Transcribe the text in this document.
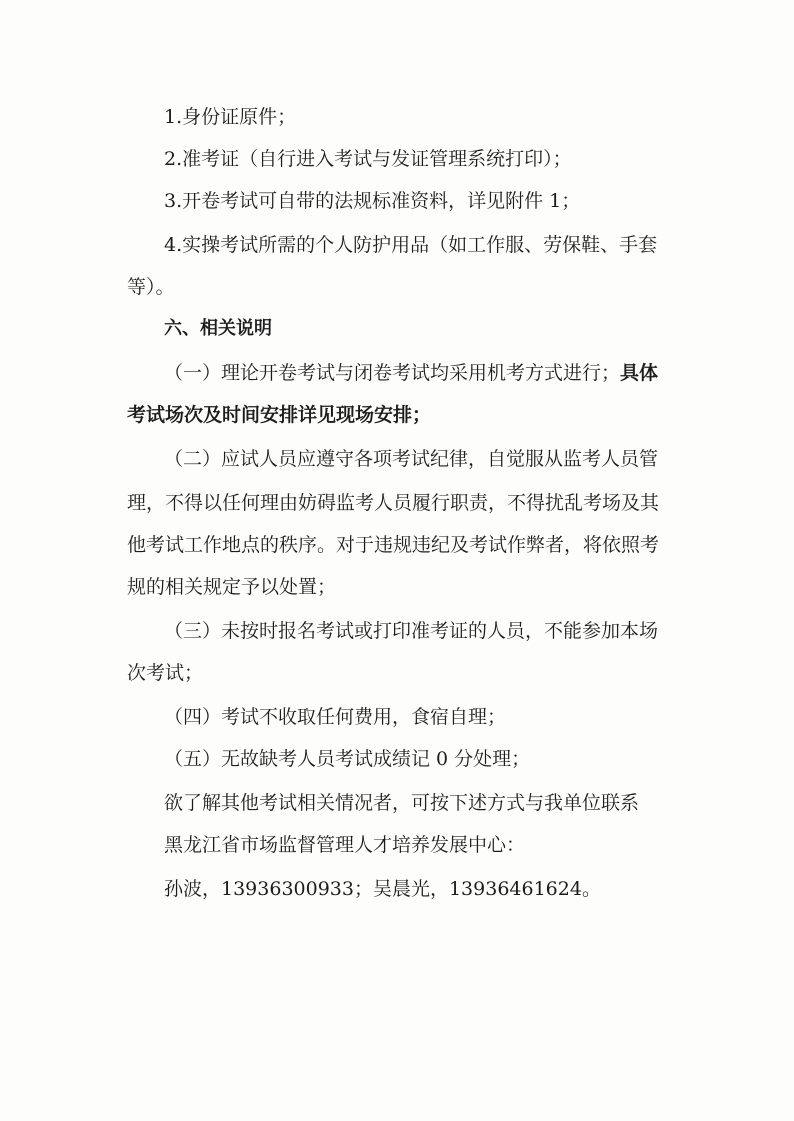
1.身份证原件；
2.准考证（自行进入考试与发证管理系统打印）；
3.开卷考试可自带的法规标准资料，详见附件 1；
4.实操考试所需的个人防护用品（如工作服、劳保鞋、手套
等）。
六、相关说明
（一）理论开卷考试与闭卷考试均采用机考方式进行；具体
考试场次及时间安排详见现场安排；
（二）应试人员应遵守各项考试纪律，自觉服从监考人员管
理，不得以任何理由妨碍监考人员履行职责，不得扰乱考场及其
他考试工作地点的秩序。对于违规违纪及考试作弊者，将依照考
规的相关规定予以处置；
（三）未按时报名考试或打印准考证的人员，不能参加本场
次考试；
（四）考试不收取任何费用，食宿自理；
（五）无故缺考人员考试成绩记 0 分处理；
欲了解其他考试相关情况者，可按下述方式与我单位联系
黑龙江省市场监督管理人才培养发展中心：
孙波，13936300933；吴晨光，13936461624。
